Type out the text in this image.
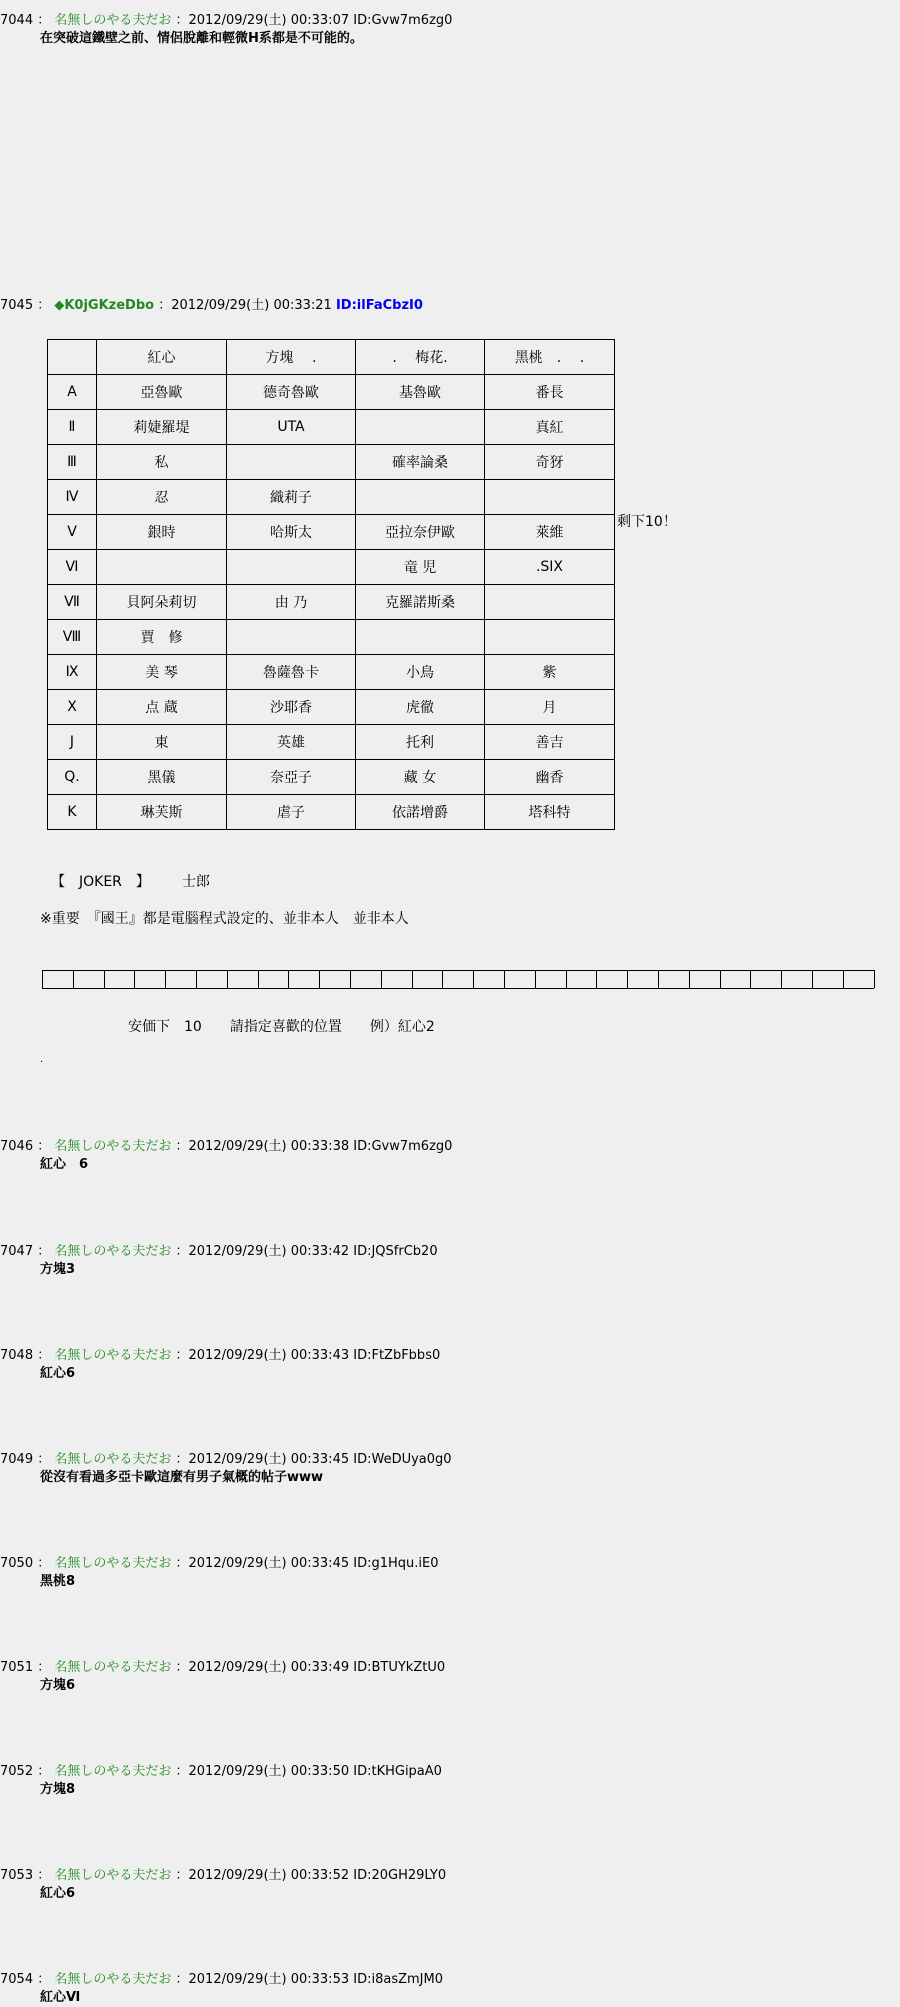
7044 ： 名無しのやる夫だお ：2012/09/29(土) 00:33:07 ID:Gvw7m6zg0
在突破這鐵壁之前、情侶脫離和輕微H系都是不可能的。
7045 ： ◆K0jGKzeDbo ：2012/09/29(土) 00:33:21 ID:ilFaCbzI0
	紅心	方塊　 .	. 　梅花.	黑桃　. 　.
A	亞魯歐	德奇魯歐	基魯歐	番長
Ⅱ	莉婕羅堤	UTA		真紅
Ⅲ	私		確率論桑	奇犽
Ⅳ	忍	織莉子		
Ⅴ	銀時	哈斯太	亞拉奈伊歐	萊維
Ⅵ			竜 児	.SIX
Ⅶ	貝阿朵莉切	由 乃	克羅諾斯桑	
Ⅷ	賈　修			
Ⅸ	美 琴	魯薩魯卡	小鳥	紫
Ⅹ	点 蔵	沙耶香	虎徹	月
J	東	英雄	托利	善吉
Q.	黑儀	奈亞子	藏 女	幽香
K	琳芙斯	虐子	依諾增爵	塔科特
剩下10！
【　JOKER　】 士郎
※重要　『國王』都是電腦程式設定的、並非本人　並非本人
安価下　10　　請指定喜歡的位置　　例）紅心2
.
7046 ： 名無しのやる夫だお ：2012/09/29(土) 00:33:38 ID:Gvw7m6zg0
紅心　6
7047 ： 名無しのやる夫だお ：2012/09/29(土) 00:33:42 ID:JQSfrCb20
方塊3
7048 ： 名無しのやる夫だお ：2012/09/29(土) 00:33:43 ID:FtZbFbbs0
紅心6
7049 ： 名無しのやる夫だお ：2012/09/29(土) 00:33:45 ID:WeDUya0g0
從沒有看過多亞卡歐這麼有男子氣概的帖子www
7050 ： 名無しのやる夫だお ：2012/09/29(土) 00:33:45 ID:g1Hqu.iE0
黑桃8
7051 ： 名無しのやる夫だお ：2012/09/29(土) 00:33:49 ID:BTUYkZtU0
方塊6
7052 ： 名無しのやる夫だお ：2012/09/29(土) 00:33:50 ID:tKHGipaA0
方塊8
7053 ： 名無しのやる夫だお ：2012/09/29(土) 00:33:52 ID:20GH29LY0
紅心6
7054 ： 名無しのやる夫だお ：2012/09/29(土) 00:33:53 ID:i8asZmJM0
紅心Ⅵ
